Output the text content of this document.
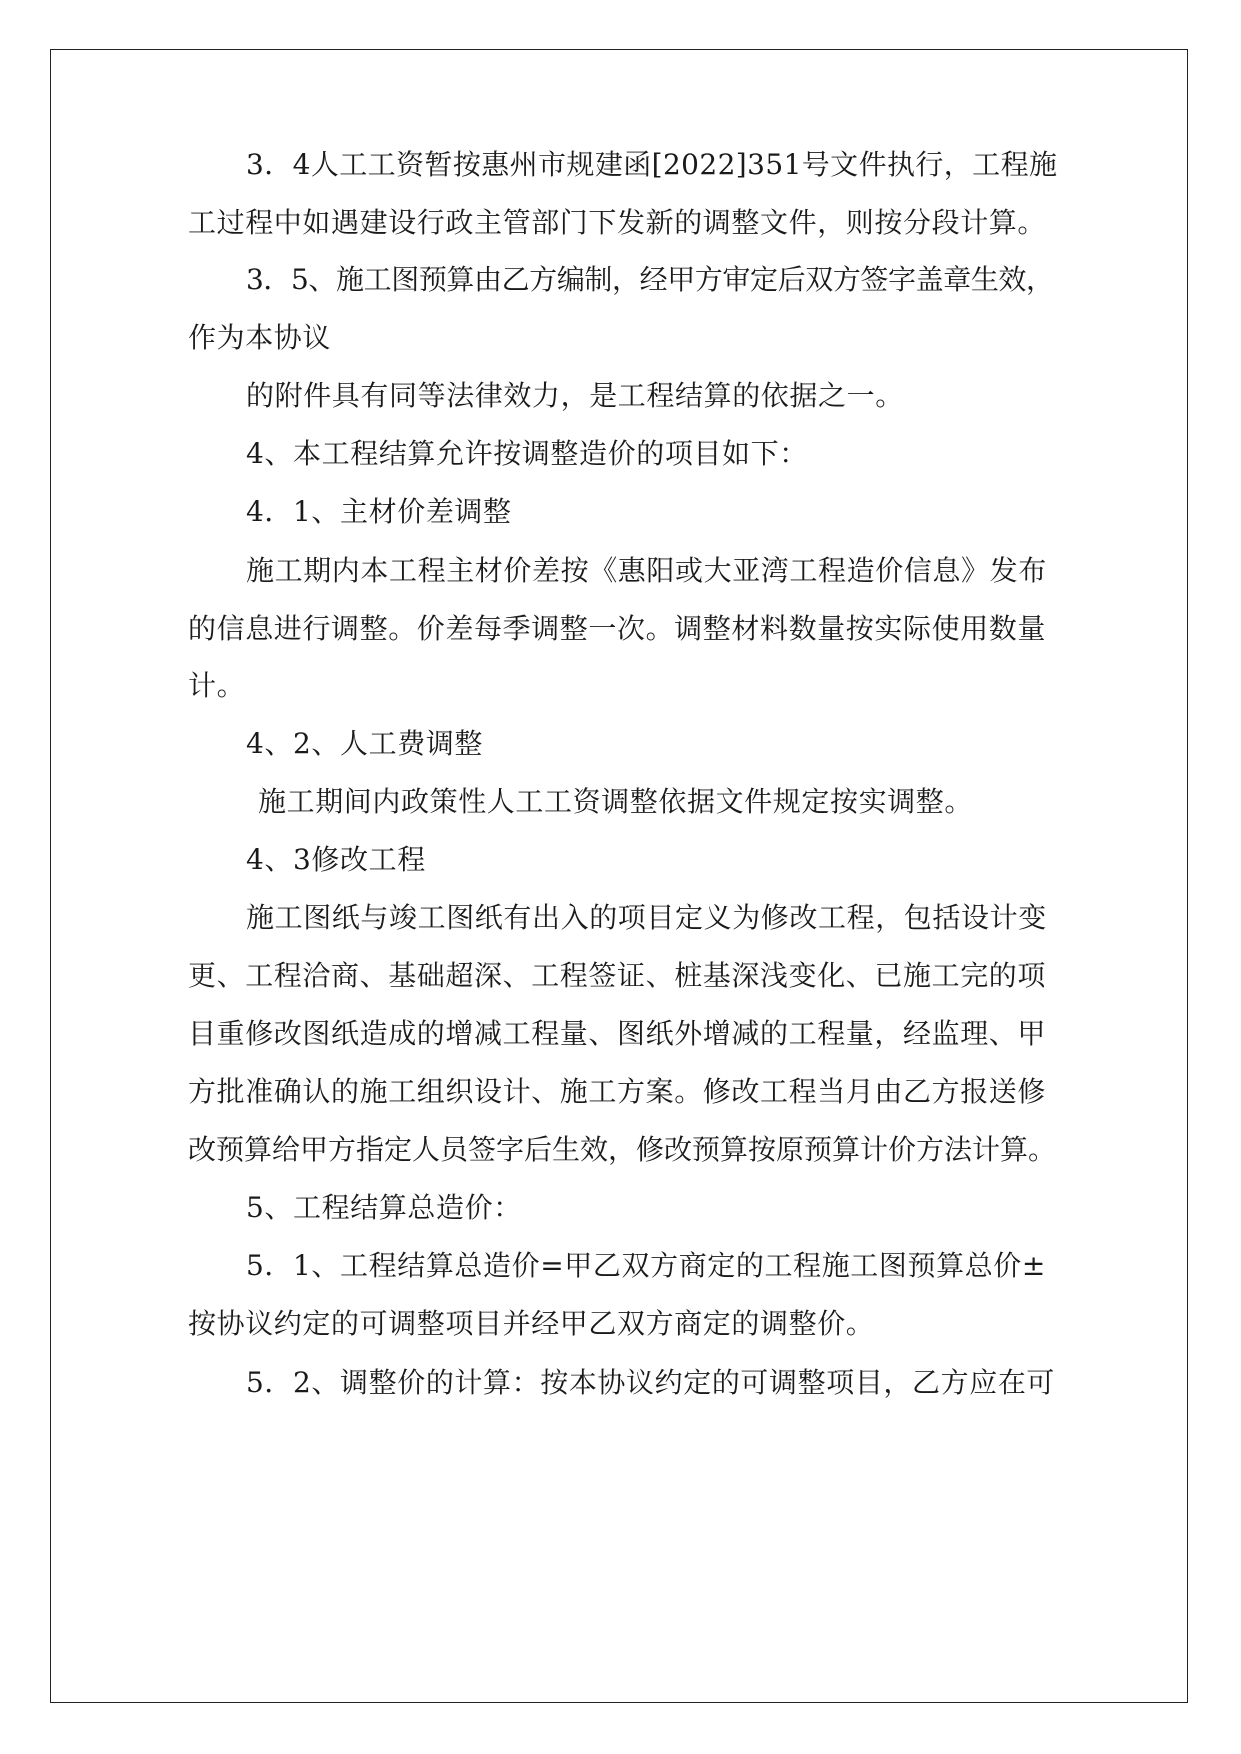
3．4人工工资暂按惠州市规建函[2022]351号文件执行，工程施
工过程中如遇建设行政主管部门下发新的调整文件，则按分段计算。
3．5、施工图预算由乙方编制，经甲方审定后双方签字盖章生效，
作为本协议
的附件具有同等法律效力，是工程结算的依据之一。
4、本工程结算允许按调整造价的项目如下：
4．1、主材价差调整
施工期内本工程主材价差按《惠阳或大亚湾工程造价信息》发布
的信息进行调整。价差每季调整一次。调整材料数量按实际使用数量
计。
4、2、人工费调整
施工期间内政策性人工工资调整依据文件规定按实调整。
4、3修改工程
施工图纸与竣工图纸有出入的项目定义为修改工程，包括设计变
更、工程洽商、基础超深、工程签证、桩基深浅变化、已施工完的项
目重修改图纸造成的增减工程量、图纸外增减的工程量，经监理、甲
方批准确认的施工组织设计、施工方案。修改工程当月由乙方报送修
改预算给甲方指定人员签字后生效，修改预算按原预算计价方法计算。
5、工程结算总造价：
5．1、工程结算总造价=甲乙双方商定的工程施工图预算总价±
按协议约定的可调整项目并经甲乙双方商定的调整价。
5．2、调整价的计算：按本协议约定的可调整项目，乙方应在可
